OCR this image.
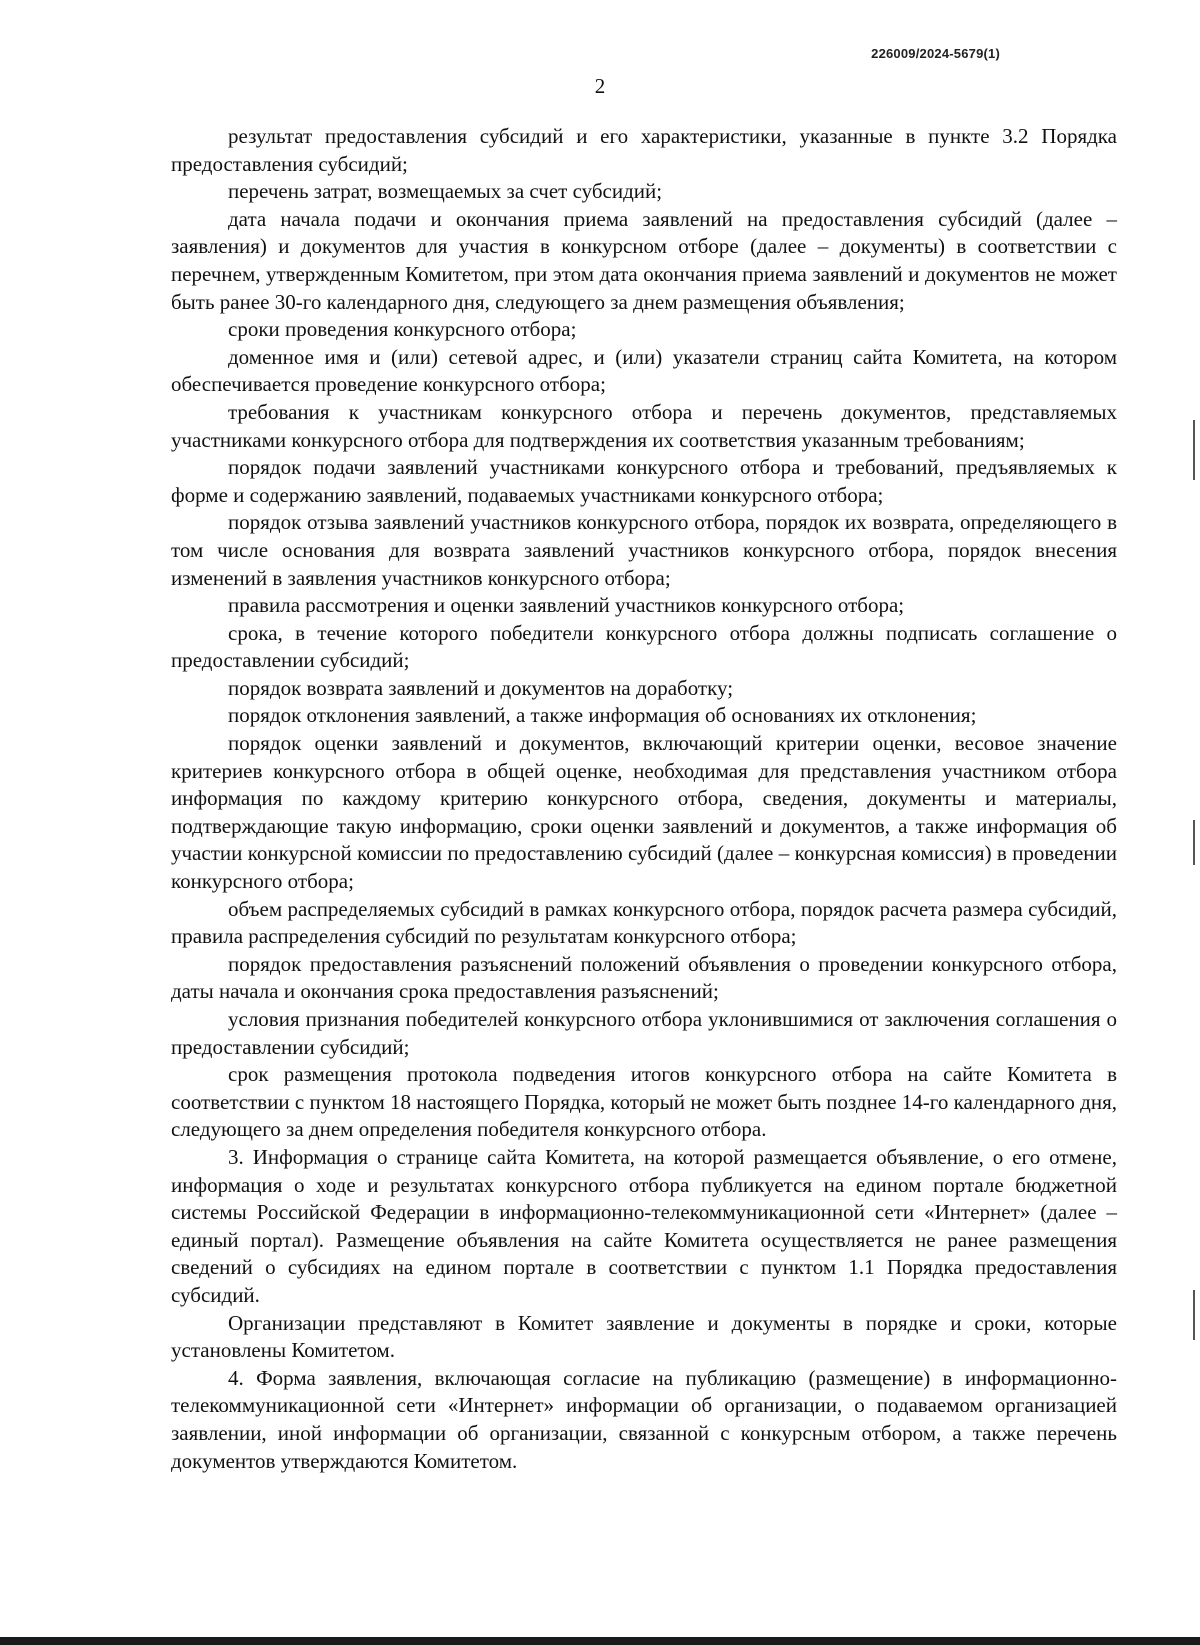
226009/2024-5679(1)
2

результат предоставления субсидий и его характеристики, указанные в пункте 3.2 Порядка предоставления субсидий;

перечень затрат, возмещаемых за счет субсидий;

дата начала подачи и окончания приема заявлений на предоставления субсидий (далее – заявления) и документов для участия в конкурсном отборе (далее – документы) в соответствии с перечнем, утвержденным Комитетом, при этом дата окончания приема заявлений и документов не может быть ранее 30-го календарного дня, следующего за днем размещения объявления;

сроки проведения конкурсного отбора;

доменное имя и (или) сетевой адрес, и (или) указатели страниц сайта Комитета, на котором обеспечивается проведение конкурсного отбора;

требования к участникам конкурсного отбора и перечень документов, представляемых участниками конкурсного отбора для подтверждения их соответствия указанным требованиям;

порядок подачи заявлений участниками конкурсного отбора и требований, предъявляемых к форме и содержанию заявлений, подаваемых участниками конкурсного отбора;

порядок отзыва заявлений участников конкурсного отбора, порядок их возврата, определяющего в том числе основания для возврата заявлений участников конкурсного отбора, порядок внесения изменений в заявления участников конкурсного отбора;

правила рассмотрения и оценки заявлений участников конкурсного отбора;

срока, в течение которого победители конкурсного отбора должны подписать соглашение о предоставлении субсидий;

порядок возврата заявлений и документов на доработку;

порядок отклонения заявлений, а также информация об основаниях их отклонения;

порядок оценки заявлений и документов, включающий критерии оценки, весовое значение критериев конкурсного отбора в общей оценке, необходимая для представления участником отбора информация по каждому критерию конкурсного отбора, сведения, документы и материалы, подтверждающие такую информацию, сроки оценки заявлений и документов, а также информация об участии конкурсной комиссии по предоставлению субсидий (далее – конкурсная комиссия) в проведении конкурсного отбора;

объем распределяемых субсидий в рамках конкурсного отбора, порядок расчета размера субсидий, правила распределения субсидий по результатам конкурсного отбора;

порядок предоставления разъяснений положений объявления о проведении конкурсного отбора, даты начала и окончания срока предоставления разъяснений;

условия признания победителей конкурсного отбора уклонившимися от заключения соглашения о предоставлении субсидий;

срок размещения протокола подведения итогов конкурсного отбора на сайте Комитета в соответствии с пунктом 18 настоящего Порядка, который не может быть позднее 14-го календарного дня, следующего за днем определения победителя конкурсного отбора.

3. Информация о странице сайта Комитета, на которой размещается объявление, о его отмене, информация о ходе и результатах конкурсного отбора публикуется на едином портале бюджетной системы Российской Федерации в информационно-телекоммуникационной сети «Интернет» (далее – единый портал). Размещение объявления на сайте Комитета осуществляется не ранее размещения сведений о субсидиях на едином портале в соответствии с пунктом 1.1 Порядка предоставления субсидий.

Организации представляют в Комитет заявление и документы в порядке и сроки, которые установлены Комитетом.

4. Форма заявления, включающая согласие на публикацию (размещение) в информационно-телекоммуникационной сети «Интернет» информации об организации, о подаваемом организацией заявлении, иной информации об организации, связанной с конкурсным отбором, а также перечень документов утверждаются Комитетом.
